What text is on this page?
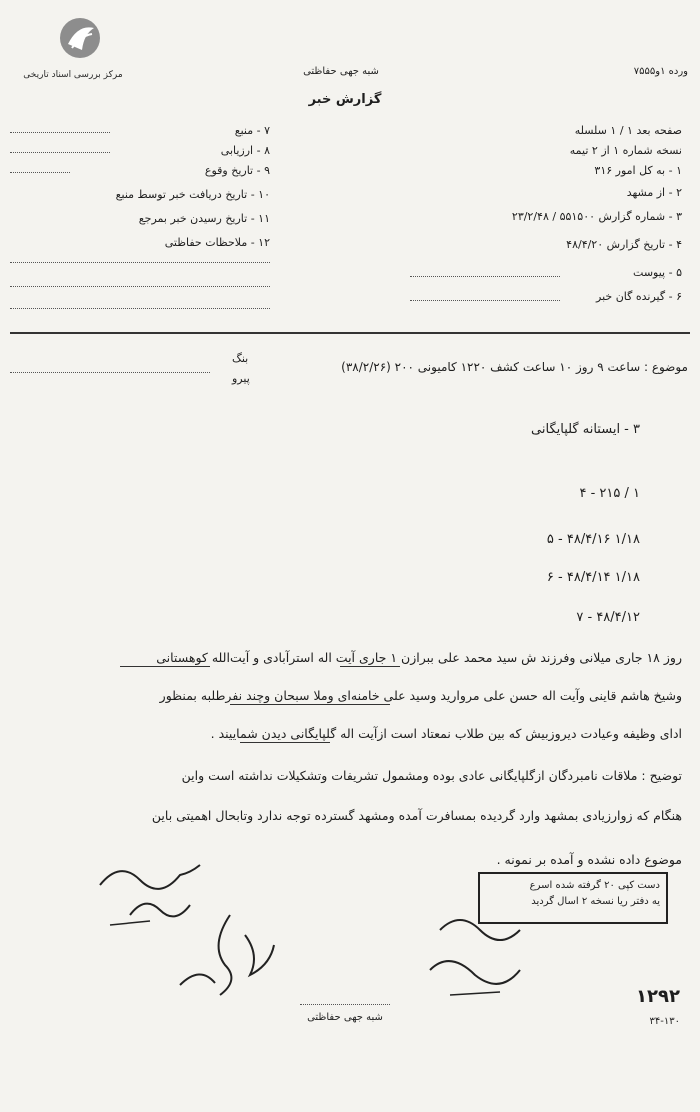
مرکز بررسی اسناد تاریخی	شبه جهی حفاظتی
گزارش خبر
ورده ۱و۷۵۵۵
صفحه بعد ۱ / ۱ سلسله
نسخه شماره ۱ از ۲ تیمه
۱ - به کل امور ۳۱۶
۲ - از مشهد
۳ - شماره گزارش ۵۵۱۵۰۰ / ۲۳/۲/۴۸
۴ - تاریخ گزارش ۴۸/۴/۲۰
۵ - پیوست
۶ - گیرنده گان خبر
۷ - منبع
۸ - ارزیابی
۹ - تاریخ وقوع
۱۰ - تاریخ دریافت خبر توسط منبع
۱۱ - تاریخ رسیدن خبر بمرجع
۱۲ - ملاحظات حفاظتی
موضوع : ساعت ۹ روز ۱۰ ساعت کشف ۱۲۲۰ کامیونی ۲۰۰ (۳۸/۲/۲۶)
بنگ
پیرو
۳ - ایستانه گلپایگانی
۴ - ۲۱۵ / ۱
۵ - ۴۸/۴/۱۶ ۱/۱۸
۶ - ۴۸/۴/۱۴ ۱/۱۸
۷ - ۴۸/۴/۱۲
روز ۱۸ جاری میلانی وفرزند ش سید محمد علی ببرازن ۱ جاری آیت اله استرآبادی و آیت‌الله کوهستانی
وشیخ هاشم قاینی وآیت اله حسن علی مروارید وسید علی خامنه‌ای وملا سبحان وچند نفرطلبه بمنظور
ادای وظیفه وعیادت دیروزبیش که بین طلاب نمعتاد است ازآیت اله گلپایگانی دیدن شماییند .
توضیح : ملاقات نامبردگان ازگلپایگانی عادی بوده ومشمول تشریفات وتشکیلات نداشته است واین
هنگام که زوارزیادی بمشهد وارد گردیده بمسافرت آمده ومشهد گسترده توجه ندارد وتابحال اهمیتی باین
موضوع داده نشده و آمده بر نمونه .
دست کپی ۲۰ گرفته شده اسرع
یه دفتر ریا نسخه ۲ اسال گردید
شبه جهی حفاظتی
۱۲۹۲
۳۴-۱۳۰
